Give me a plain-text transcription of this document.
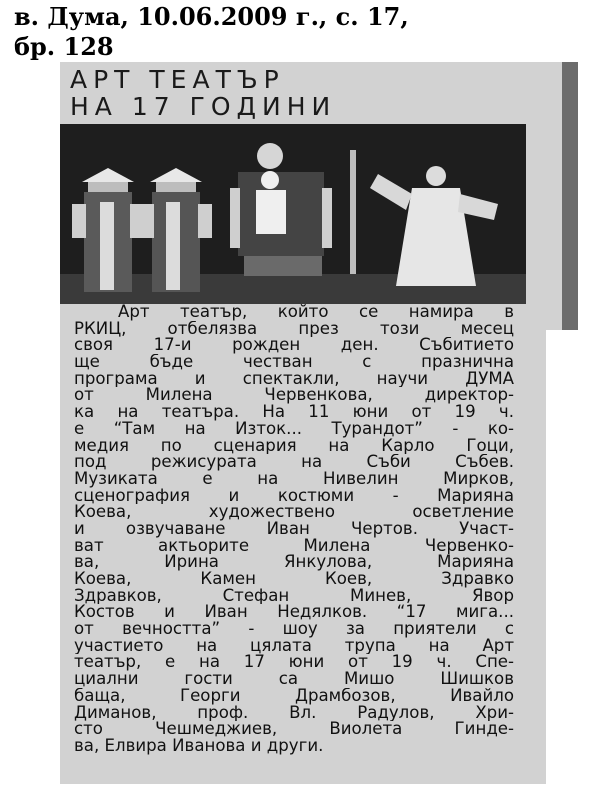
в. Дума, 10.06.2009 г., с. 17,
бр. 128
АРТ ТЕАТЪР
НА 17 ГОДИНИ
Арт театър, който се намира в
РКИЦ, отбелязва през този месец
своя 17-и рожден ден. Събитието
ще бъде честван с празнична
програма и спектакли, научи ДУМА
от Милена Червенкова, директор-
ка на театъра. На 11 юни от 19 ч.
е “Там на Изток... Турандот” - ко-
медия по сценария на Карло Гоци,
под режисурата на Съби Събев.
Музиката е на Нивелин Мирков,
сценография и костюми - Марияна
Коева, художествено осветление
и озвучаване Иван Чертов. Участ-
ват актьорите Милена Червенко-
ва, Ирина Янкулова, Марияна
Коева, Камен Коев, Здравко
Здравков, Стефан Минев, Явор
Костов и Иван Недялков. “17 мига...
от вечността” - шоу за приятели с
участието на цялата трупа на Арт
театър, е на 17 юни от 19 ч. Спе-
циални гости са Мишо Шишков
баща, Георги Драмбозов, Ивайло
Диманов, проф. Вл. Радулов, Хри-
сто Чешмеджиев, Виолета Гинде-
ва, Елвира Иванова и други.
